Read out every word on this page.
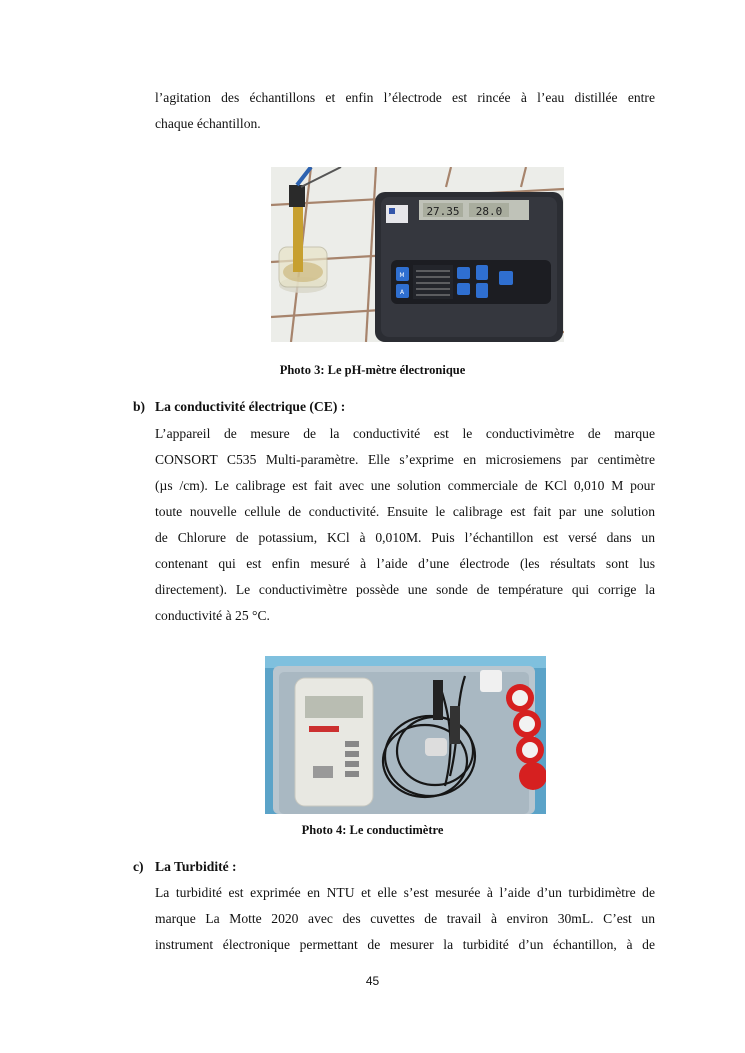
l’agitation des échantillons et enfin l’électrode est rincée à l’eau distillée entre
chaque échantillon.
27.35 28.0
M
A

Photo 3: Le pH-mètre électronique

b) La conductivité électrique (CE) :

L’appareil de mesure de la conductivité est le conductivimètre de marque
CONSORT C535 Multi-paramètre. Elle s’exprime en microsiemens par centimètre
(µs /cm). Le calibrage est fait avec une solution commerciale de KCl 0,010 M pour
toute nouvelle cellule de conductivité. Ensuite le calibrage est fait par une solution
de Chlorure de potassium, KCl à 0,010M. Puis l’échantillon est versé dans un
contenant qui est enfin mesuré à l’aide d’une électrode (les résultats sont lus
directement). Le conductivimètre possède une sonde de température qui corrige la
conductivité à 25 °C.

Photo 4: Le conductimètre

c) La Turbidité :

La turbidité est exprimée en NTU et elle s’est mesurée à l’aide d’un turbidimètre de
marque La Motte 2020 avec des cuvettes de travail à environ 30mL. C’est un
instrument électronique permettant de mesurer la turbidité d’un échantillon, à de
45
